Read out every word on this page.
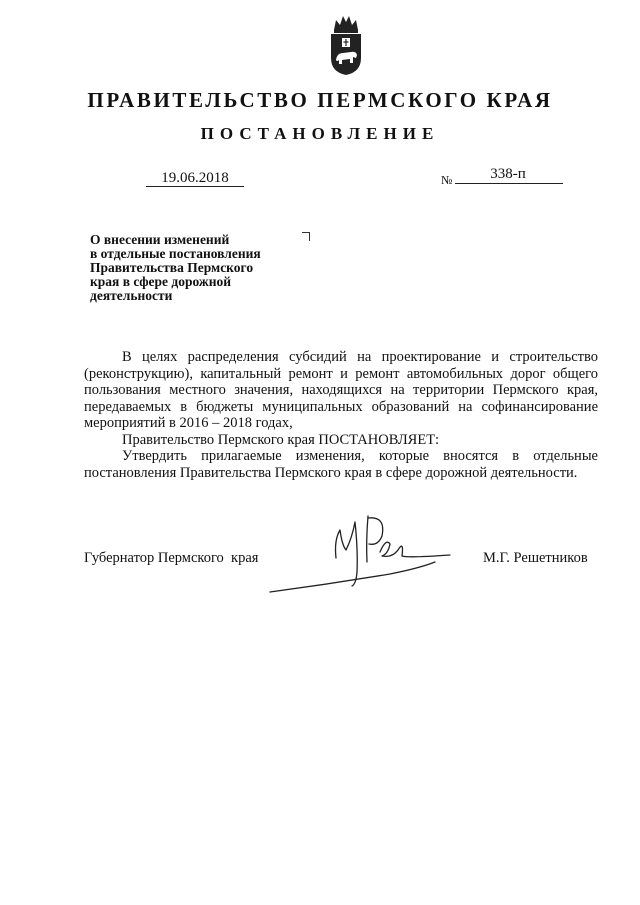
ПРАВИТЕЛЬСТВО ПЕРМСКОГО КРАЯ
ПОСТАНОВЛЕНИЕ
19.06.2018	№	338-п
О внесении изменений
в отдельные постановления
Правительства Пермского
края в сфере дорожной
деятельности

В целях распределения субсидий на проектирование и строительство (реконструкцию), капитальный ремонт и ремонт автомобильных дорог общего пользования местного значения, находящихся на территории Пермского края, передаваемых в бюджеты муниципальных образований на софинансирование мероприятий в 2016 – 2018 годах,

Правительство Пермского края ПОСТАНОВЛЯЕТ:

Утвердить прилагаемые изменения, которые вносятся в отдельные постановления Правительства Пермского края в сфере дорожной деятельности.

Губернатор Пермского  края	М.Г. Решетников
